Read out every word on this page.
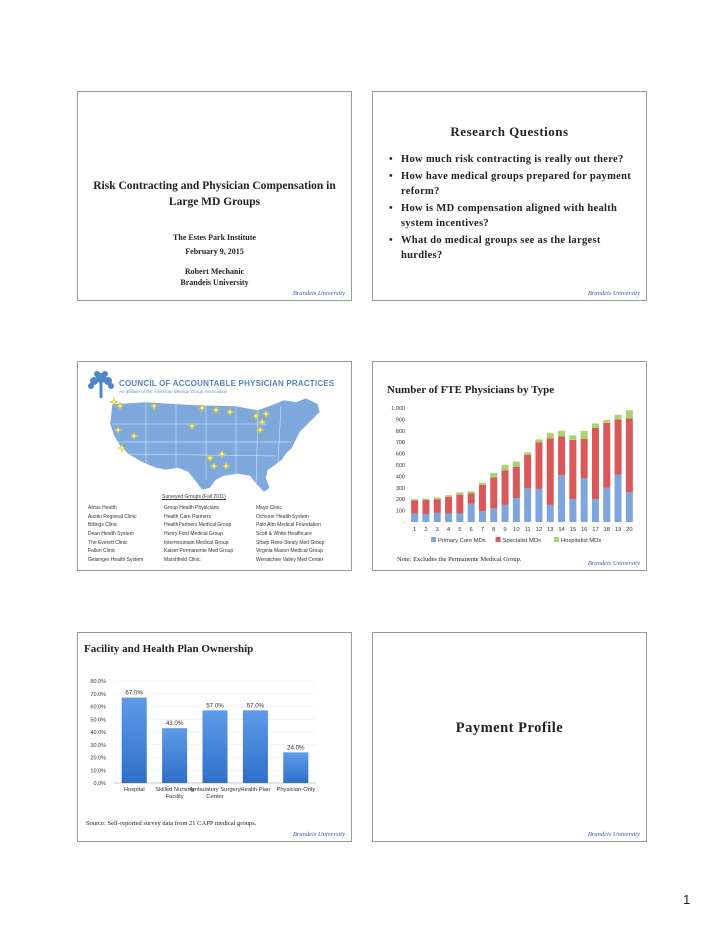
Risk Contracting and Physician Compensation in Large MD Groups
The Estes Park Institute
February 9, 2015
Robert Mechanic
Brandeis University
Brandeis University
Research Questions
• How much risk contracting is really out there?
• How have medical groups prepared for payment reform?
• How is MD compensation aligned with health system incentives?
• What do medical groups see as the largest hurdles?
Brandeis University
COUNCIL OF ACCOUNTABLE PHYSICIAN PRACTICES
An affiliate of the American Medical Group Association
Surveyed Groups (Fall 2011)
Atrius Health	Group Health Physicians	Mayo Clinic
Austin Regional Clinic	Health Care Partners	Ochsner Health System
Billings Clinic	HealthPartners Medical Group	Palo Alto Medical Foundation
Dean Health System	Henry Ford Medical Group	Scott & White Healthcare
The Everett Clinic	Intermountain Medical Group	Sharp Rees-Stealy Med Group
Fallon Clinic	Kaiser Permanente Med Group	Virginia Mason Medical Group
Geisinger Health System	Marshfield Clinic	Wenatchee Valley Med Center
Number of FTE Physicians by Type
-
100
200
300
400
500
600
700
800
900
1,000
1 2 3 4 5 6 7 8 9 10 11 12 13 14 15 16 17 18 19 20
Primary Care MDs	Specialist MDs	Hospitalist MDs
Note: Excludes the Permanente Medical Group.
Brandeis University
Facility and Health Plan Ownership
0.0%
10.0%
20.0%
30.0%
40.0%
50.0%
60.0%
70.0%
80.0%
67.0%
Hospital
43.0%
Skilled Nursing
Facility
57.0%
Ambulatory Surgery
Center
57.0%
Health Plan
24.0%
Physician-Only
Source: Self-reported survey data from 21 CAPP medical groups.
Brandeis University
Payment Profile
Brandeis University
1
